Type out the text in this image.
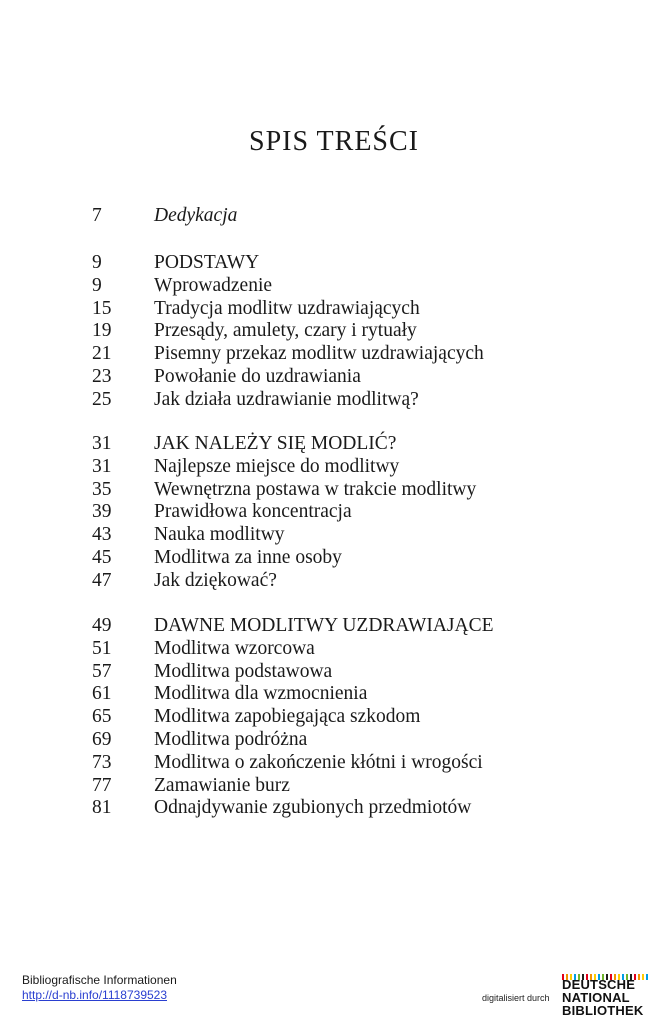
SPIS TREŚCI
7	Dedykacja
9	PODSTAWY
9	Wprowadzenie
15	Tradycja modlitw uzdrawiających
19	Przesądy, amulety, czary i rytuały
21	Pisemny przekaz modlitw uzdrawiających
23	Powołanie do uzdrawiania
25	Jak działa uzdrawianie modlitwą?
31	JAK NALEŻY SIĘ MODLIĆ?
31	Najlepsze miejsce do modlitwy
35	Wewnętrzna postawa w trakcie modlitwy
39	Prawidłowa koncentracja
43	Nauka modlitwy
45	Modlitwa za inne osoby
47	Jak dziękować?
49	DAWNE MODLITWY UZDRAWIAJĄCE
51	Modlitwa wzorcowa
57	Modlitwa podstawowa
61	Modlitwa dla wzmocnienia
65	Modlitwa zapobiegająca szkodom
69	Modlitwa podróżna
73	Modlitwa o zakończenie kłótni i wrogości
77	Zamawianie burz
81	Odnajdywanie zgubionych przedmiotów
Bibliografische Informationen
http://d-nb.info/1118739523	digitalisiert durch
DEUTSCHE
NATIONAL
BIBLIOTHEK
